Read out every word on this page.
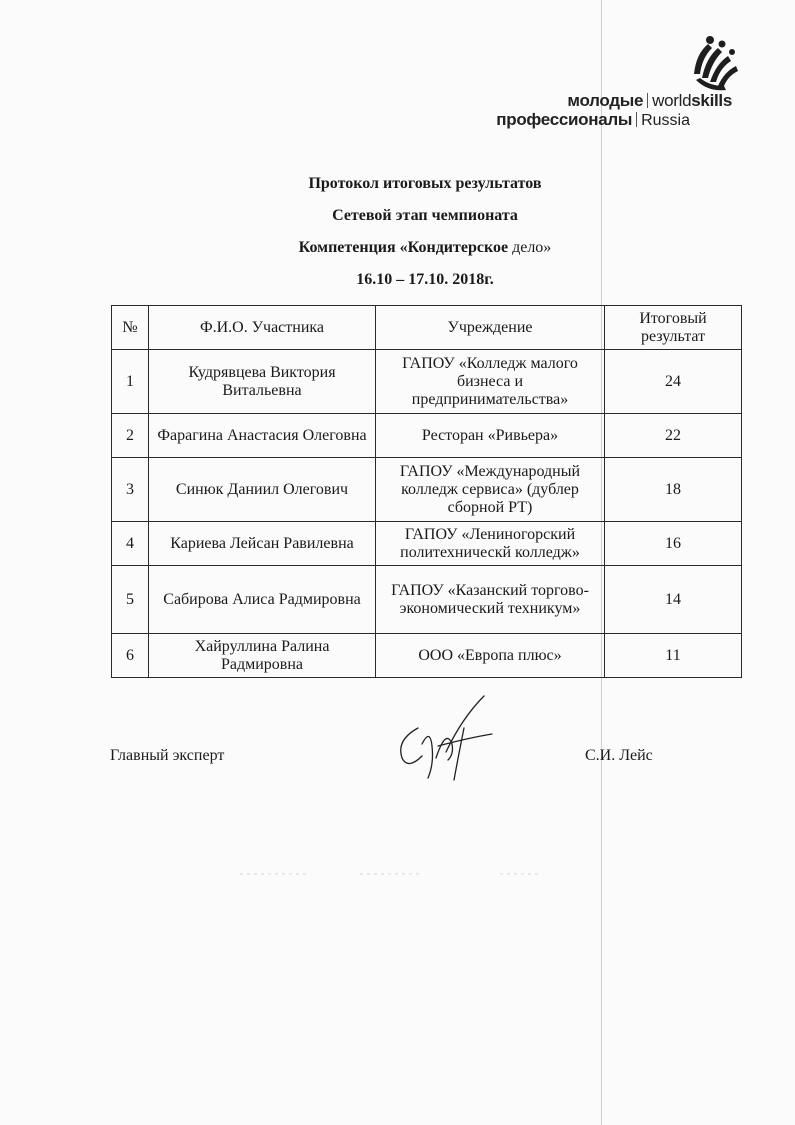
молодые worldskills
профессионалы Russia
Протокол итоговых результатов
Сетевой этап чемпионата
Компетенция «Кондитерское дело»
16.10 – 17.10. 2018г.
№	Ф.И.О. Участника	Учреждение	Итоговый результат
1	Кудрявцева Виктория Витальевна	ГАПОУ «Колледж малого бизнеса и предпринимательства»	24
2	Фарагина Анастасия Олеговна	Ресторан «Ривьера»	22
3	Синюк Даниил Олегович	ГАПОУ «Международный колледж сервиса» (дублер сборной РТ)	18
4	Кариева Лейсан Равилевна	ГАПОУ «Лениногорский политехническй колледж»	16
5	Сабирова Алиса Радмировна	ГАПОУ «Казанский торгово-экономический техникум»	14
6	Хайруллина Ралина Радмировна	ООО «Европа плюс»	11
Главный эксперт	С.И. Лейс
